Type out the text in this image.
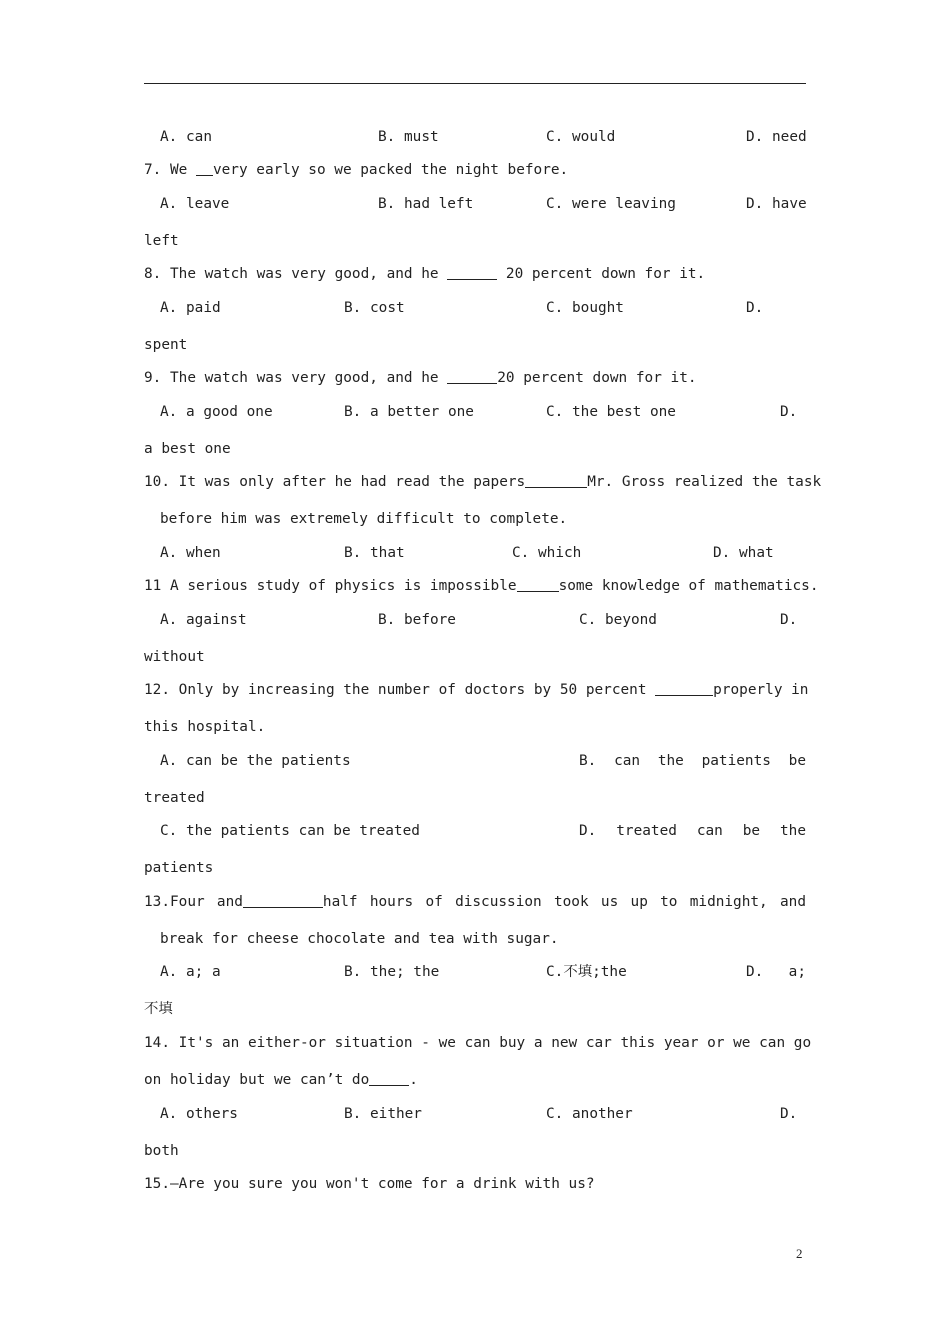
A. can	B. must	C. would	D. need
7. We very early so we packed the night before.
A. leave	B. had left	C. were leaving	D. have
left
8. The watch was very good, and he	20 percent down for it.
A. paid	B. cost	C. bought	D.
spent
9. The watch was very good, and he	20 percent down for it.
A. a good one	B. a better one	C. the best one	D.
a best one
10. It was only after he had read the papers	Mr. Gross realized the task
before him was extremely difficult to complete.
A. when	B. that	C. which	D. what
11 A serious study of physics is impossible	some knowledge of mathematics.
A. against	B. before	C. beyond	D.
without
12. Only by increasing the number of doctors by 50 percent	properly in
this hospital.
A. can be the patients	B. can the patients be
treated
C. the patients can be treated	D. treated can be the
patients
13.Four and	half hours of discussion took us up to midnight, and
break for cheese chocolate and tea with sugar.
A. a; a	B. the; the	C.不填;the	D. a;
不填
14. It's an either-or situation - we can buy a new car this year or we can go
on holiday but we can’t do	.
A. others	B. either	C. another	D.
both
15.—Are you sure you won't come for a drink with us?
2
